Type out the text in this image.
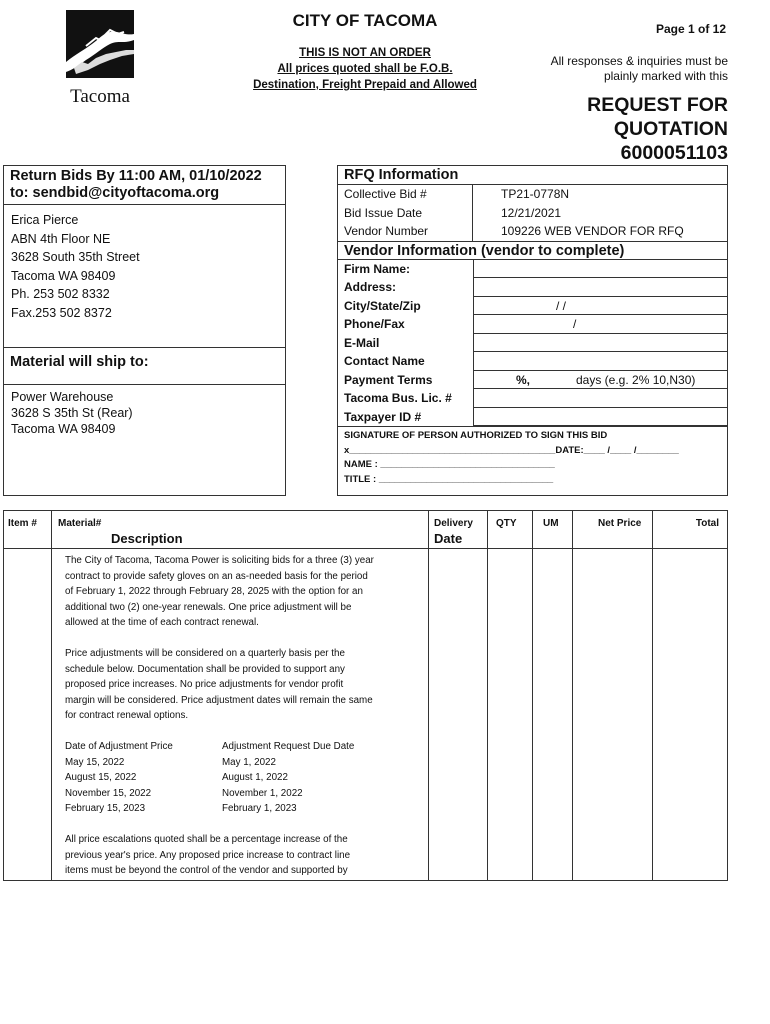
Tacoma
CITY OF TACOMA
THIS IS NOT AN ORDER
All prices quoted shall be F.O.B.
Destination, Freight Prepaid and Allowed
Page 1 of 12
All responses & inquiries must be
plainly marked with this
REQUEST FOR
QUOTATION
6000051103
Return Bids By 11:00 AM, 01/10/2022
to: sendbid@cityoftacoma.org
Erica Pierce
ABN 4th Floor NE
3628 South 35th Street
Tacoma WA 98409
Ph. 253 502 8332
Fax.253 502 8372
Material will ship to:
Power Warehouse
3628 S 35th St (Rear)
Tacoma WA 98409
RFQ Information
Collective Bid #	TP21-0778N
Bid Issue Date	12/21/2021
Vendor Number	109226 WEB VENDOR FOR RFQ
Vendor Information (vendor to complete)
Firm Name:
Address:
City/State/Zip	/ /
Phone/Fax	/
E-Mail
Contact Name
Payment Terms	%,	days (e.g. 2% 10,N30)
Tacoma Bus. Lic. #
Taxpayer ID #
SIGNATURE OF PERSON AUTHORIZED TO SIGN THIS BID
x_______________________________________DATE:____ /____ /________
NAME : _________________________________
TITLE : _________________________________
Item # Material#
Description
Delivery
Date
QTY	UM	Net Price	Total

The City of Tacoma, Tacoma Power is soliciting bids for a three (3) year
contract to provide safety gloves on an as-needed basis for the period
of February 1, 2022 through February 28, 2025 with the option for an
additional two (2) one-year renewals. One price adjustment will be
allowed at the time of each contract renewal.

Price adjustments will be considered on a quarterly basis per the
schedule below. Documentation shall be provided to support any
proposed price increases. No price adjustments for vendor profit
margin will be considered. Price adjustment dates will remain the same
for contract renewal options.

Date of Adjustment Price	Adjustment Request Due Date
May 15, 2022	May 1, 2022
August 15, 2022	August 1, 2022
November 15, 2022	November 1, 2022
February 15, 2023	February 1, 2023

All price escalations quoted shall be a percentage increase of the
previous year's price. Any proposed price increase to contract line
items must be beyond the control of the vendor and supported by
